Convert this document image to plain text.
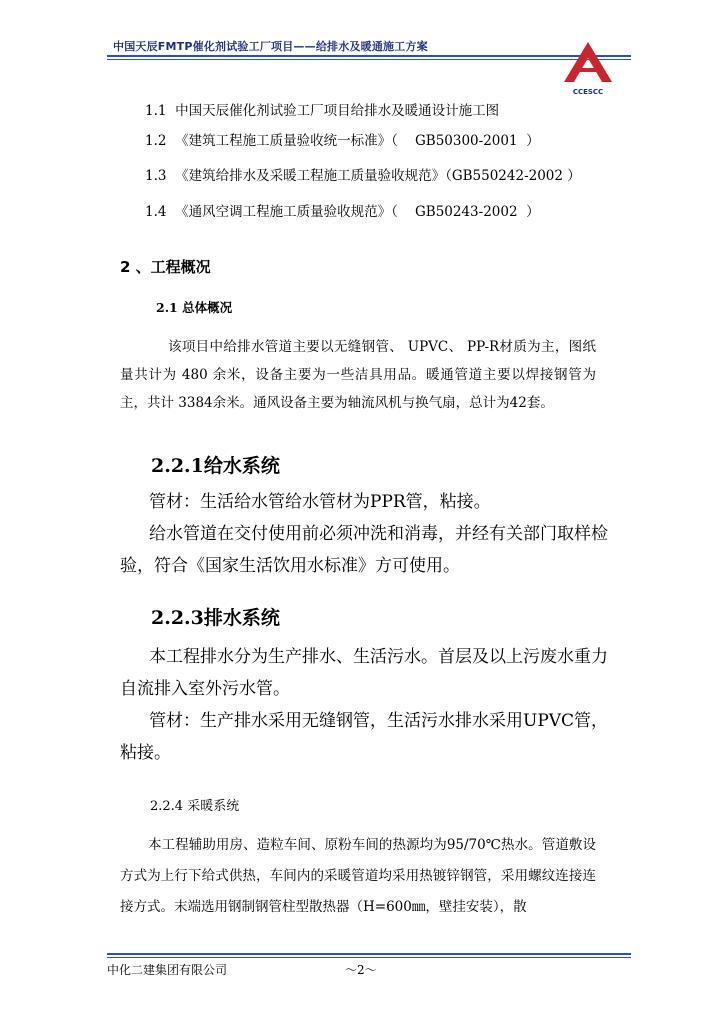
中国天辰FMTP催化剂试验工厂项目——给排水及暖通施工方案
CCESCC
1.1 中国天辰催化剂试验工厂项目给排水及暖通设计施工图
1.2 《建筑工程施工质量验收统一标准》（    GB50300-2001  ）
1.3 《建筑给排水及采暖工程施工质量验收规范》（GB550242-2002 ）
1.4 《通风空调工程施工质量验收规范》（    GB50243-2002  ）
2 、工程概况
2.1 总体概况
该项目中给排水管道主要以无缝钢管、 UPVC、 PP-R材质为主，图纸量共计为 480 余米，设备主要为一些洁具用品。暖通管道主要以焊接钢管为主，共计 3384余米。通风设备主要为轴流风机与换气扇，总计为42套。
2.2.1给水系统
管材：生活给水管给水管材为PPR管，粘接。
给水管道在交付使用前必须冲洗和消毒，并经有关部门取样检验，符合《国家生活饮用水标准》方可使用。
2.2.3排水系统
本工程排水分为生产排水、生活污水。首层及以上污废水重力自流排入室外污水管。
管材：生产排水采用无缝钢管，生活污水排水采用UPVC管，粘接。
2.2.4 采暖系统
本工程辅助用房、造粒车间、原粉车间的热源均为95/70℃热水。管道敷设方式为上行下给式供热，车间内的采暖管道均采用热镀锌钢管，采用螺纹连接连接方式。末端选用钢制钢管柱型散热器（H=600㎜，壁挂安装），散
中化二建集团有限公司	～2～
